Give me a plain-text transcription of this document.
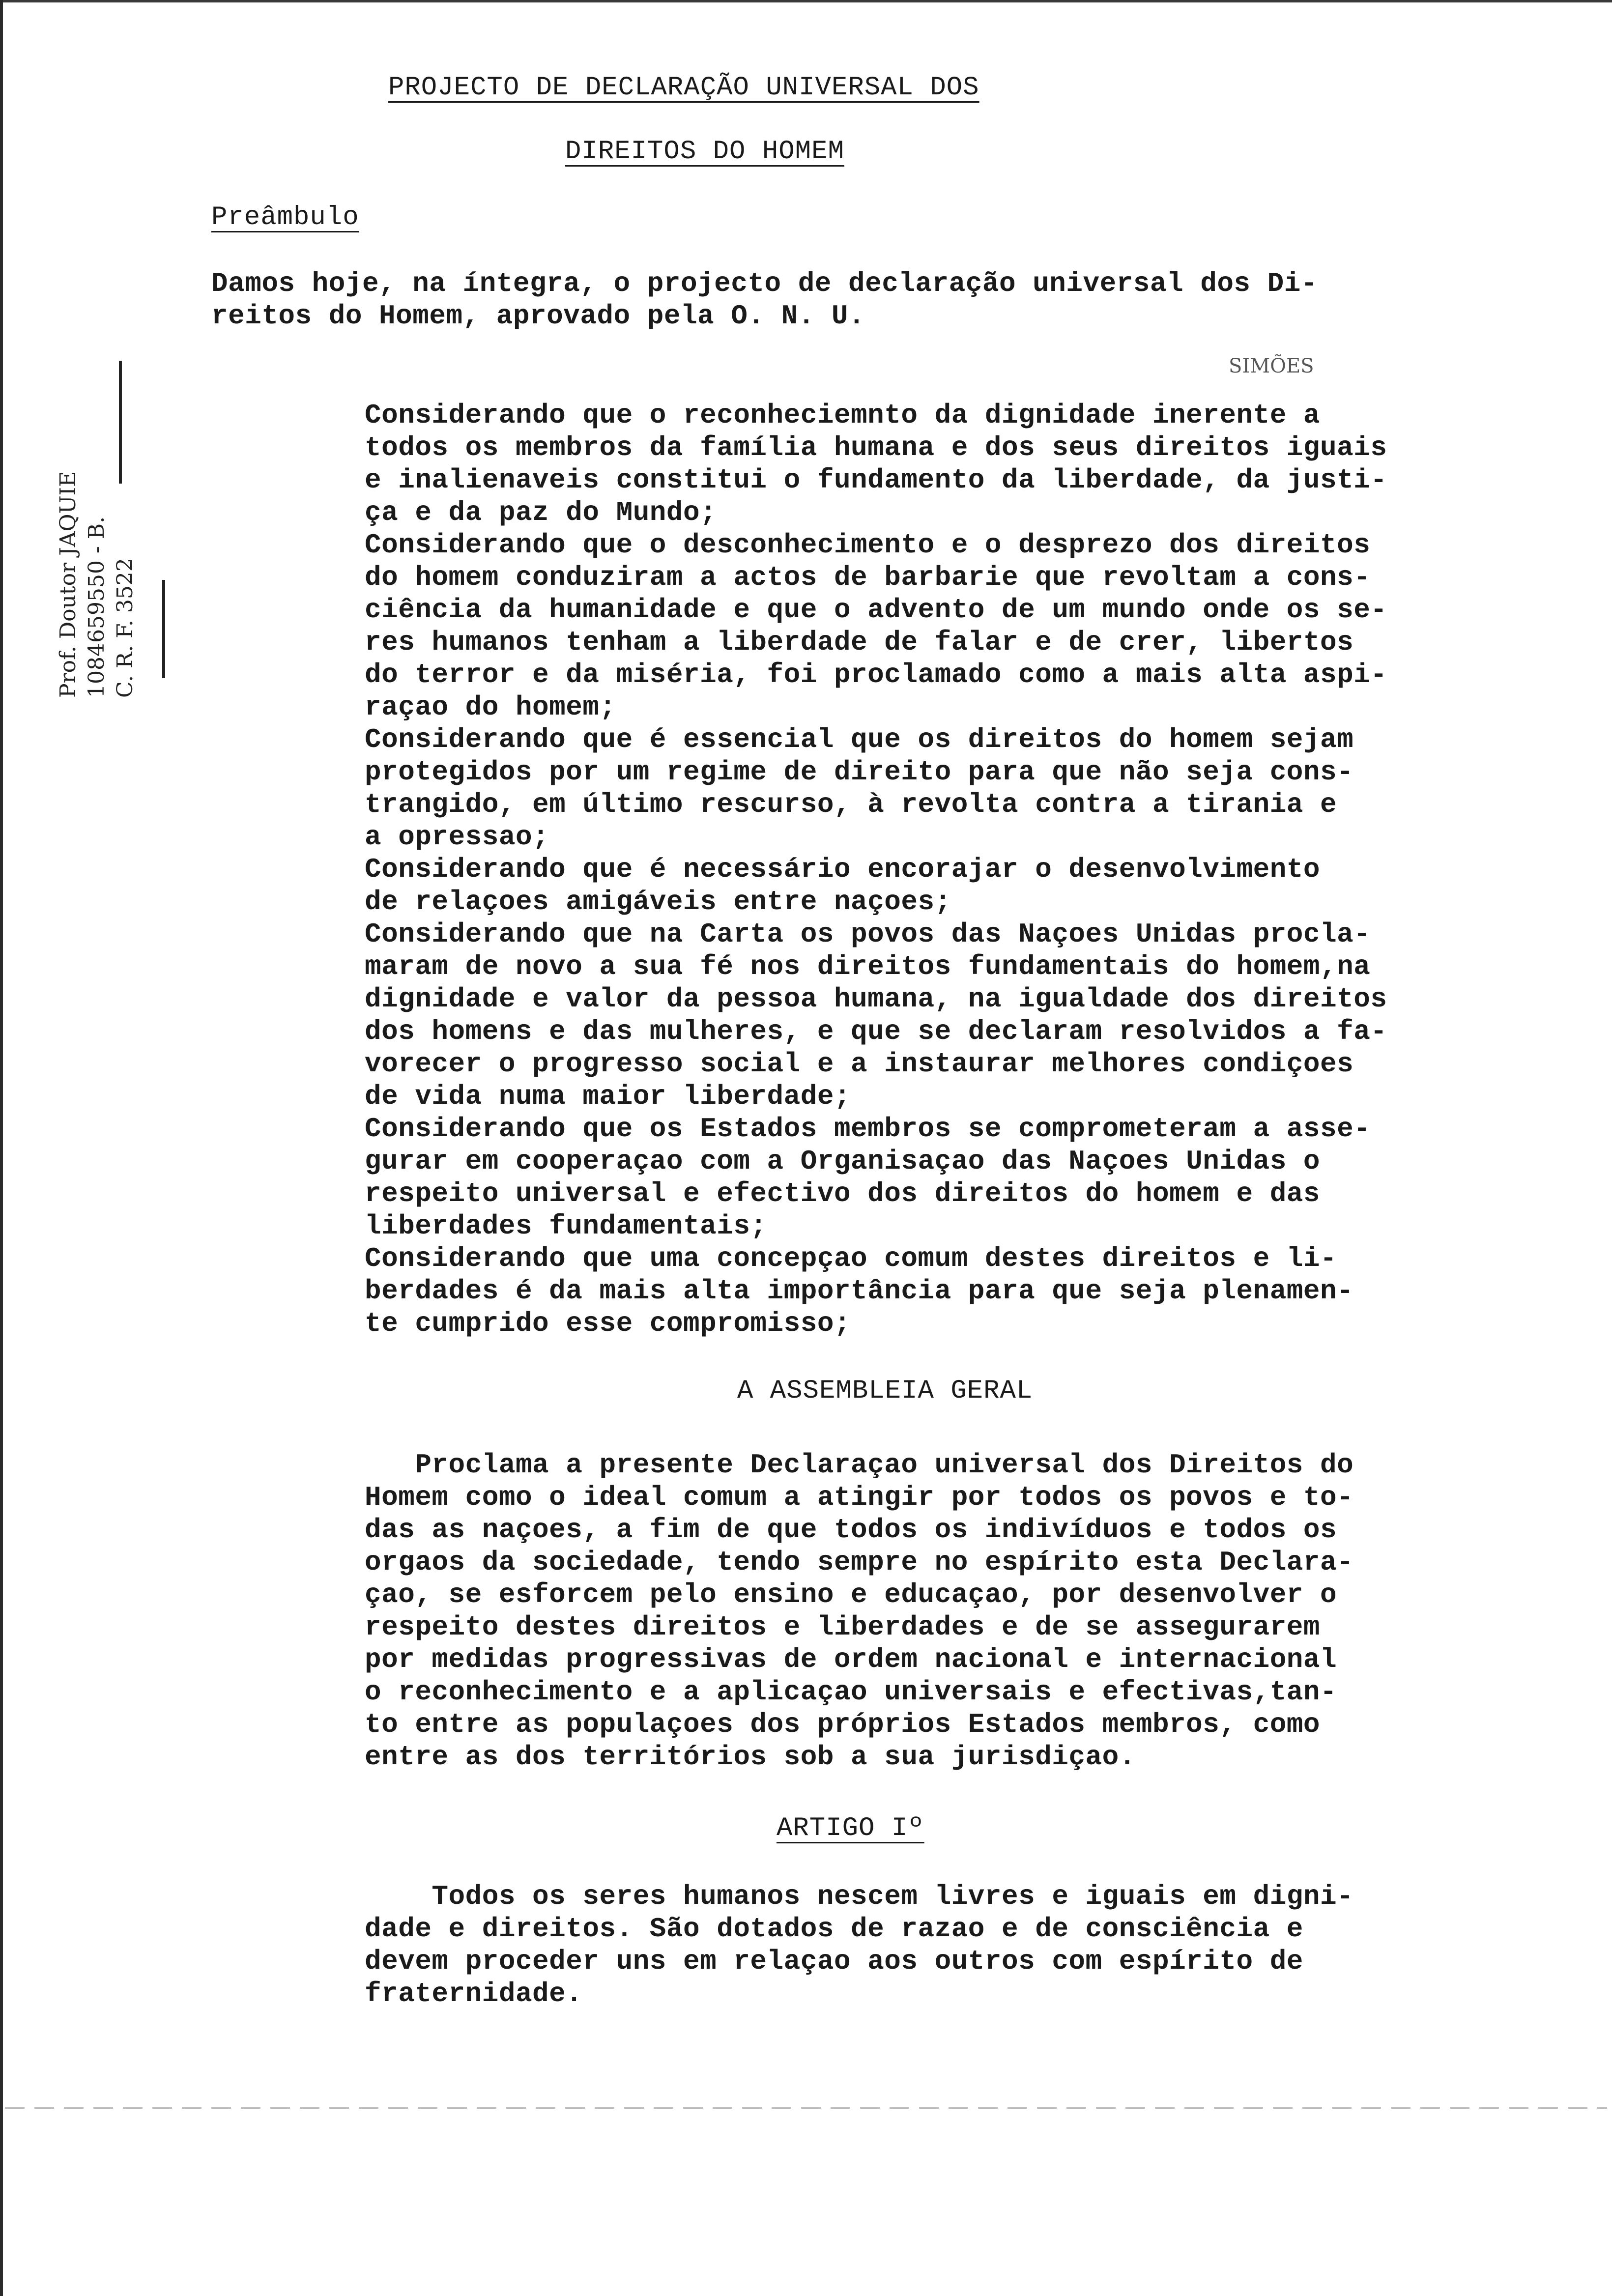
PROJECTO DE DECLARAÇÃO UNIVERSAL DOS
DIREITOS DO HOMEM
Preâmbulo
Damos hoje, na íntegra, o projecto de declaração universal dos Di-
reitos do Homem, aprovado pela O. N. U.
SIMÕES
Considerando que o reconheciemnto da dignidade inerente a
todos os membros da família humana e dos seus direitos iguais
e inalienaveis constitui o fundamento da liberdade, da justi-
ça e da paz do Mundo;
Considerando que o desconhecimento e o desprezo dos direitos
do homem conduziram a actos de barbarie que revoltam a cons-
ciência da humanidade e que o advento de um mundo onde os se-
res humanos tenham a liberdade de falar e de crer, libertos
do terror e da miséria, foi proclamado como a mais alta aspi-
raçao do homem;
Considerando que é essencial que os direitos do homem sejam
protegidos por um regime de direito para que não seja cons-
trangido, em último rescurso, à revolta contra a tirania e
a opressao;
Considerando que é necessário encorajar o desenvolvimento
de relaçoes amigáveis entre naçoes;
Considerando que na Carta os povos das Naçoes Unidas procla-
maram de novo a sua fé nos direitos fundamentais do homem,na
dignidade e valor da pessoa humana, na igualdade dos direitos
dos homens e das mulheres, e que se declaram resolvidos a fa-
vorecer o progresso social e a instaurar melhores condiçoes
de vida numa maior liberdade;
Considerando que os Estados membros se comprometeram a asse-
gurar em cooperaçao com a Organisaçao das Naçoes Unidas o
respeito universal e efectivo dos direitos do homem e das
liberdades fundamentais;
Considerando que uma concepçao comum destes direitos e li-
berdades é da mais alta importância para que seja plenamen-
te cumprido esse compromisso;
A ASSEMBLEIA GERAL
Proclama a presente Declaraçao universal dos Direitos do
Homem como o ideal comum a atingir por todos os povos e to-
das as naçoes, a fim de que todos os indivíduos e todos os
orgaos da sociedade, tendo sempre no espírito esta Declara-
çao, se esforcem pelo ensino e educaçao, por desenvolver o
respeito destes direitos e liberdades e de se assegurarem
por medidas progressivas de ordem nacional e internacional
o reconhecimento e a aplicaçao universais e efectivas,tan-
to entre as populaçoes dos próprios Estados membros, como
entre as dos territórios sob a sua jurisdiçao.
ARTIGO Iº
Todos os seres humanos nescem livres e iguais em digni-
dade e direitos. São dotados de razao e de consciência e
devem proceder uns em relaçao aos outros com espírito de
fraternidade.
Prof. Doutor JAQUIE 1084659550 - B. C. R. F. 3522
